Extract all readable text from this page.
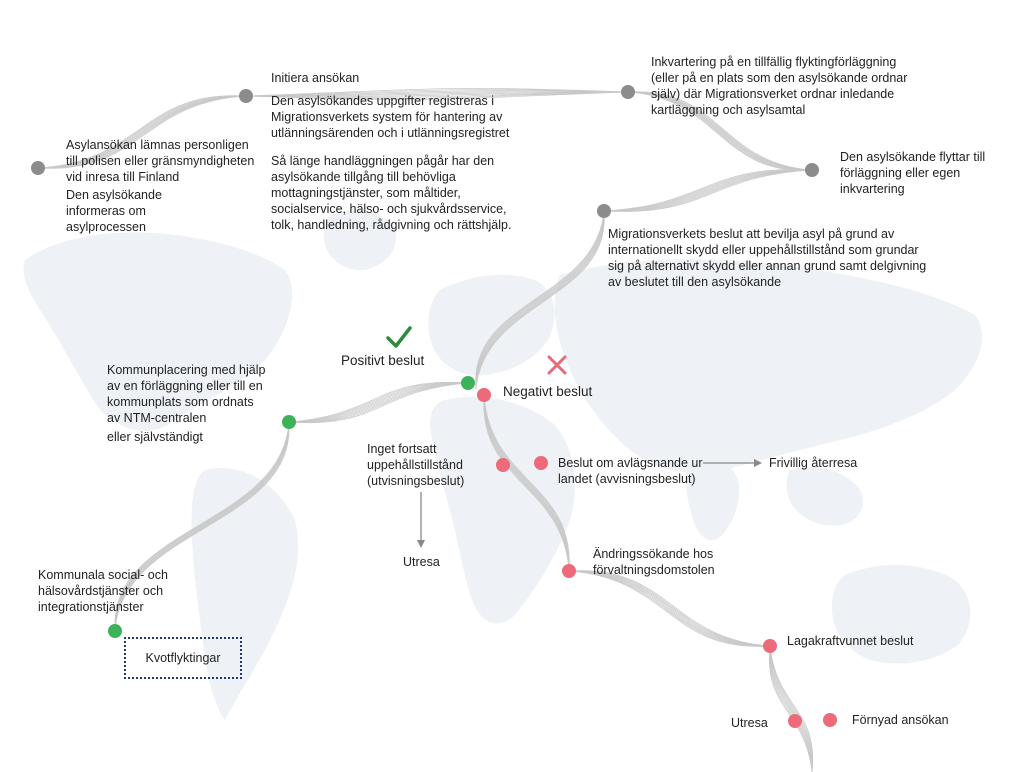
Asylansökan lämnas personligen till polisen eller gränsmyndigheten vid inresa till Finland
Den asylsökande informeras om asylprocessen
Initiera ansökan
Den asylsökandes uppgifter registreras i Migrationsverkets system för hantering av utlänningsärenden och i utlänningsregistret
Så länge handläggningen pågår har den asylsökande tillgång till behövliga mottagningstjänster, som måltider, socialservice, hälso- och sjukvårdsservice, tolk, handledning, rådgivning och rättshjälp.
Inkvartering på en tillfällig flyktingförläggning (eller på en plats som den asylsökande ordnar själv) där Migrationsverket ordnar inledande kartläggning och asylsamtal
Den asylsökande flyttar till förläggning eller egen inkvartering
Migrationsverkets beslut att bevilja asyl på grund av internationellt skydd eller uppehållstillstånd som grundar sig på alternativt skydd eller annan grund samt delgivning av beslutet till den asylsökande
Positivt beslut
Kommunplacering med hjälp av en förläggning eller till en kommunplats som ordnats av NTM-centralen
eller självständigt
Kommunala social- och hälsovårdstjänster och integrationstjänster
Kvotflyktingar
Negativt beslut
Inget fortsatt uppehållstillstånd (utvisningsbeslut)
Utresa
Beslut om avlägsnande ur landet (avvisningsbeslut)
Frivillig återresa
Ändringssökande hos förvaltningsdomstolen
Lagakraftvunnet beslut
Utresa	Förnyad ansökan
